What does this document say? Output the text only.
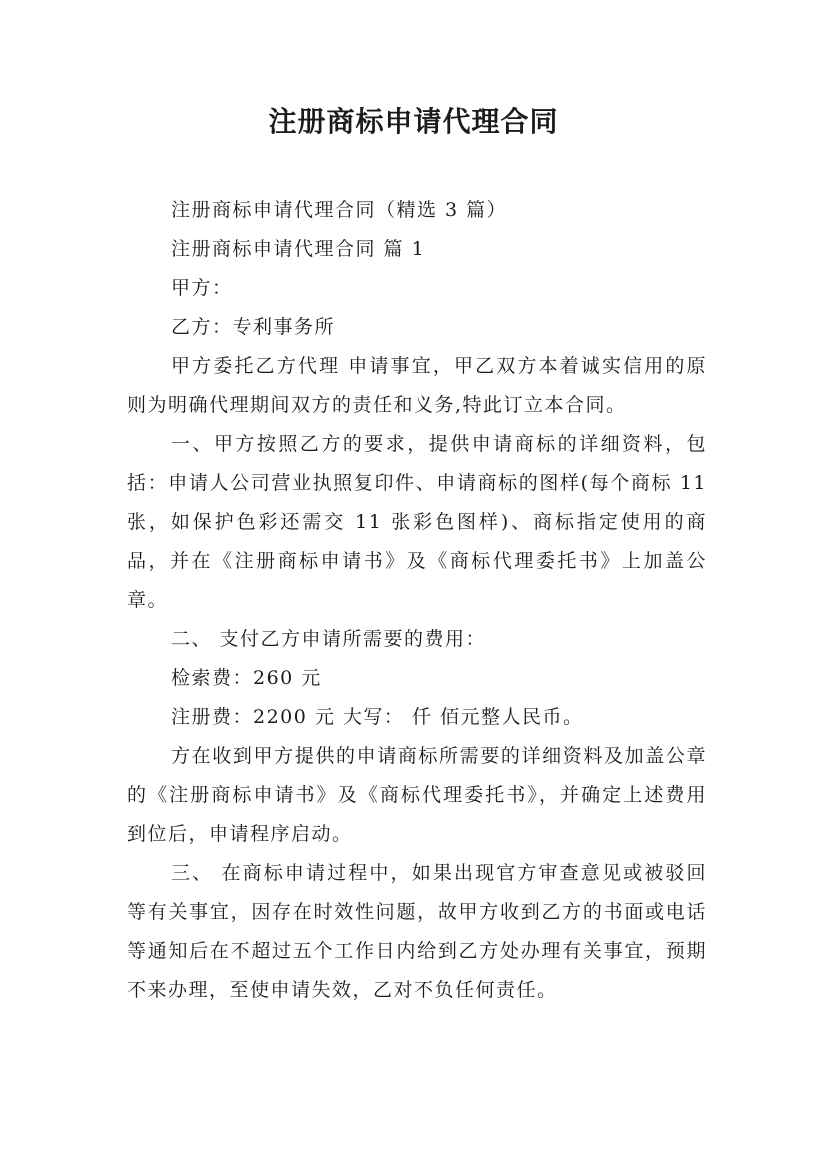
注册商标申请代理合同
注册商标申请代理合同（精选 3 篇）
注册商标申请代理合同 篇 1
甲方：
乙方：专利事务所
甲方委托乙方代理 申请事宜，甲乙双方本着诚实信用的原则为明确代理期间双方的责任和义务,特此订立本合同。
一、甲方按照乙方的要求，提供申请商标的详细资料，包括：申请人公司营业执照复印件、申请商标的图样(每个商标 11 张，如保护色彩还需交 11 张彩色图样)、商标指定使用的商品，并在《注册商标申请书》及《商标代理委托书》上加盖公章。
二、 支付乙方申请所需要的费用：
检索费：260 元
注册费：2200 元 大写： 仟 佰元整人民币。
方在收到甲方提供的申请商标所需要的详细资料及加盖公章的《注册商标申请书》及《商标代理委托书》，并确定上述费用到位后，申请程序启动。
三、 在商标申请过程中，如果出现官方审查意见或被驳回等有关事宜，因存在时效性问题，故甲方收到乙方的书面或电话等通知后在不超过五个工作日内给到乙方处办理有关事宜，预期不来办理，至使申请失效，乙对不负任何责任。
